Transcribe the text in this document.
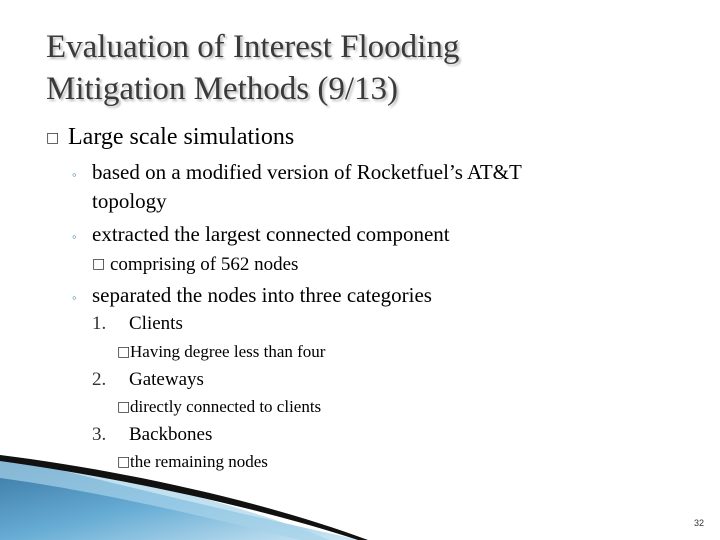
Evaluation of Interest Flooding
Mitigation Methods (9/13)
□ Large scale simulations
◦ based on a modified version of Rocketfuel’s AT&T
topology
◦ extracted the largest connected component
□ comprising of 562 nodes
◦ separated the nodes into three categories
1. Clients
□ Having degree less than four
2. Gateways
□ directly connected to clients
3. Backbones
□ the remaining nodes
32
